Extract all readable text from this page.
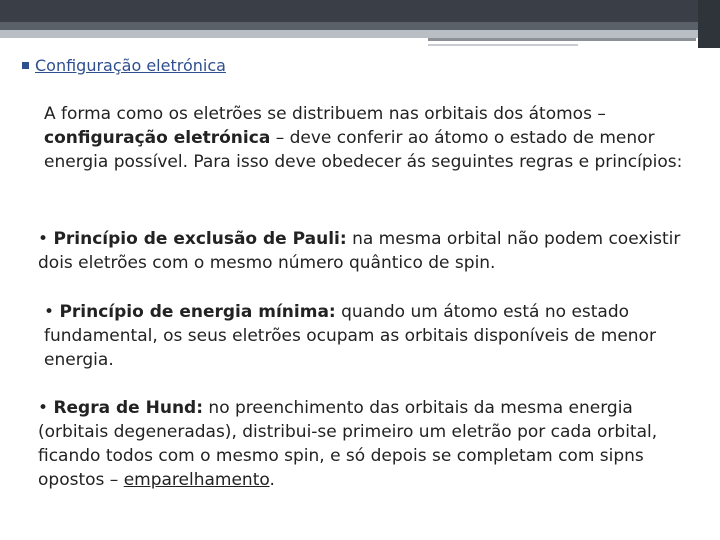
Configuração eletrónica

A forma como os eletrões se distribuem nas orbitais dos átomos – configuração eletrónica – deve conferir ao átomo o estado de menor energia possível. Para isso deve obedecer ás seguintes regras e princípios:

• Princípio de exclusão de Pauli: na mesma orbital não podem coexistir dois eletrões com o mesmo número quântico de spin.

• Princípio de energia mínima: quando um átomo está no estado fundamental, os seus eletrões ocupam as orbitais disponíveis de menor energia.

• Regra de Hund: no preenchimento das orbitais da mesma energia (orbitais degeneradas), distribui-se primeiro um eletrão por cada orbital, ficando todos com o mesmo spin, e só depois se completam com sipns opostos – emparelhamento.
